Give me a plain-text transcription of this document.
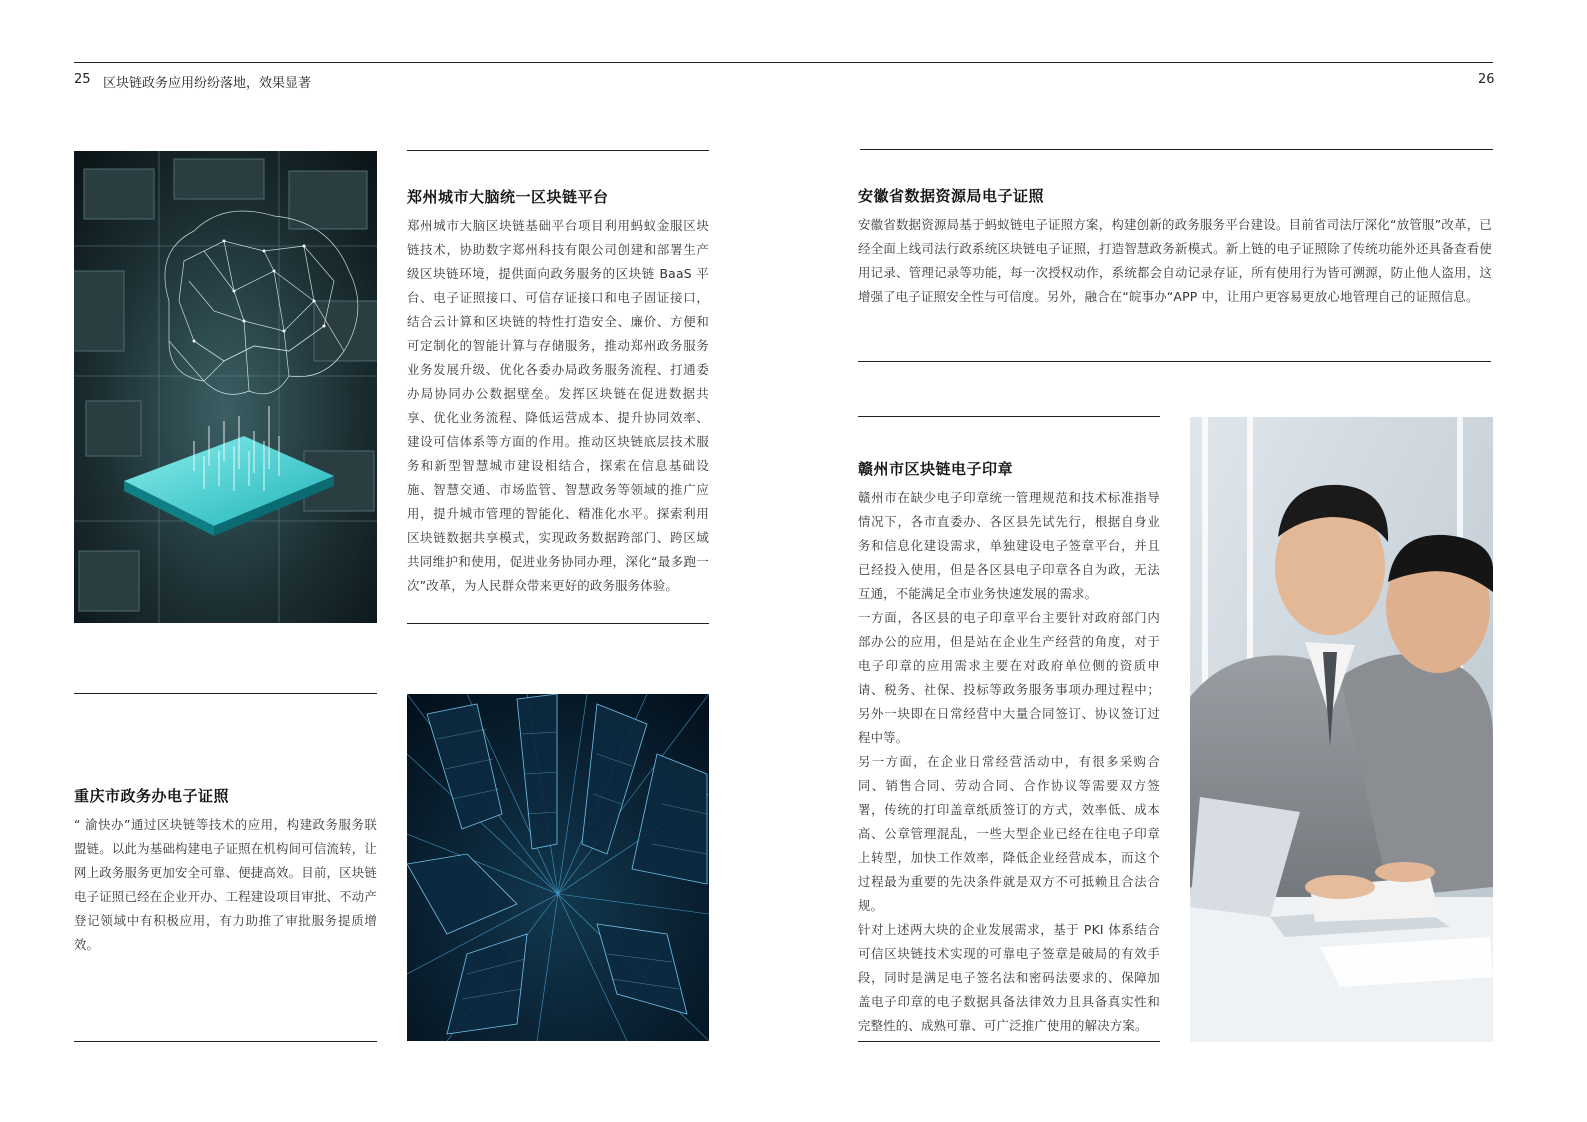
25 区块链政务应用纷纷落地，效果显著	26
郑州城市大脑统一区块链平台
郑州城市大脑区块链基础平台项目利用蚂蚁金服区块链技术，协助数字郑州科技有限公司创建和部署生产级区块链环境，提供面向政务服务的区块链 BaaS 平台、电子证照接口、可信存证接口和电子固证接口，结合云计算和区块链的特性打造安全、廉价、方便和可定制化的智能计算与存储服务，推动郑州政务服务业务发展升级、优化各委办局政务服务流程、打通委办局协同办公数据壁垒。发挥区块链在促进数据共享、优化业务流程、降低运营成本、提升协同效率、建设可信体系等方面的作用。推动区块链底层技术服务和新型智慧城市建设相结合，探索在信息基础设施、智慧交通、市场监管、智慧政务等领域的推广应用，提升城市管理的智能化、精准化水平。探索利用区块链数据共享模式，实现政务数据跨部门、跨区域共同维护和使用，促进业务协同办理，深化“最多跑一次”改革，为人民群众带来更好的政务服务体验。
重庆市政务办电子证照
“ 渝快办”通过区块链等技术的应用，构建政务服务联盟链。以此为基础构建电子证照在机构间可信流转，让网上政务服务更加安全可靠、便捷高效。目前，区块链电子证照已经在企业开办、工程建设项目审批、不动产登记领域中有积极应用，有力助推了审批服务提质增效。
安徽省数据资源局电子证照
安徽省数据资源局基于蚂蚁链电子证照方案，构建创新的政务服务平台建设。目前省司法厅深化“放管服”改革，已经全面上线司法行政系统区块链电子证照，打造智慧政务新模式。新上链的电子证照除了传统功能外还具备查看使用记录、管理记录等功能，每一次授权动作，系统都会自动记录存证，所有使用行为皆可溯源，防止他人盗用，这增强了电子证照安全性与可信度。另外，融合在“皖事办“APP 中，让用户更容易更放心地管理自己的证照信息。
赣州市区块链电子印章

赣州市在缺少电子印章统一管理规范和技术标准指导情况下，各市直委办、各区县先试先行，根据自身业务和信息化建设需求，单独建设电子签章平台，并且已经投入使用，但是各区县电子印章各自为政，无法互通，不能满足全市业务快速发展的需求。

一方面，各区县的电子印章平台主要针对政府部门内部办公的应用，但是站在企业生产经营的角度，对于电子印章的应用需求主要在对政府单位侧的资质申请、税务、社保、投标等政务服务事项办理过程中；另外一块即在日常经营中大量合同签订、协议签订过程中等。

另一方面，在企业日常经营活动中，有很多采购合同、销售合同、劳动合同、合作协议等需要双方签署，传统的打印盖章纸质签订的方式，效率低、成本高、公章管理混乱，一些大型企业已经在往电子印章上转型，加快工作效率，降低企业经营成本，而这个过程最为重要的先决条件就是双方不可抵赖且合法合规。

针对上述两大块的企业发展需求，基于 PKI 体系结合可信区块链技术实现的可靠电子签章是破局的有效手段，同时是满足电子签名法和密码法要求的、保障加盖电子印章的电子数据具备法律效力且具备真实性和完整性的、成熟可靠、可广泛推广使用的解决方案。
